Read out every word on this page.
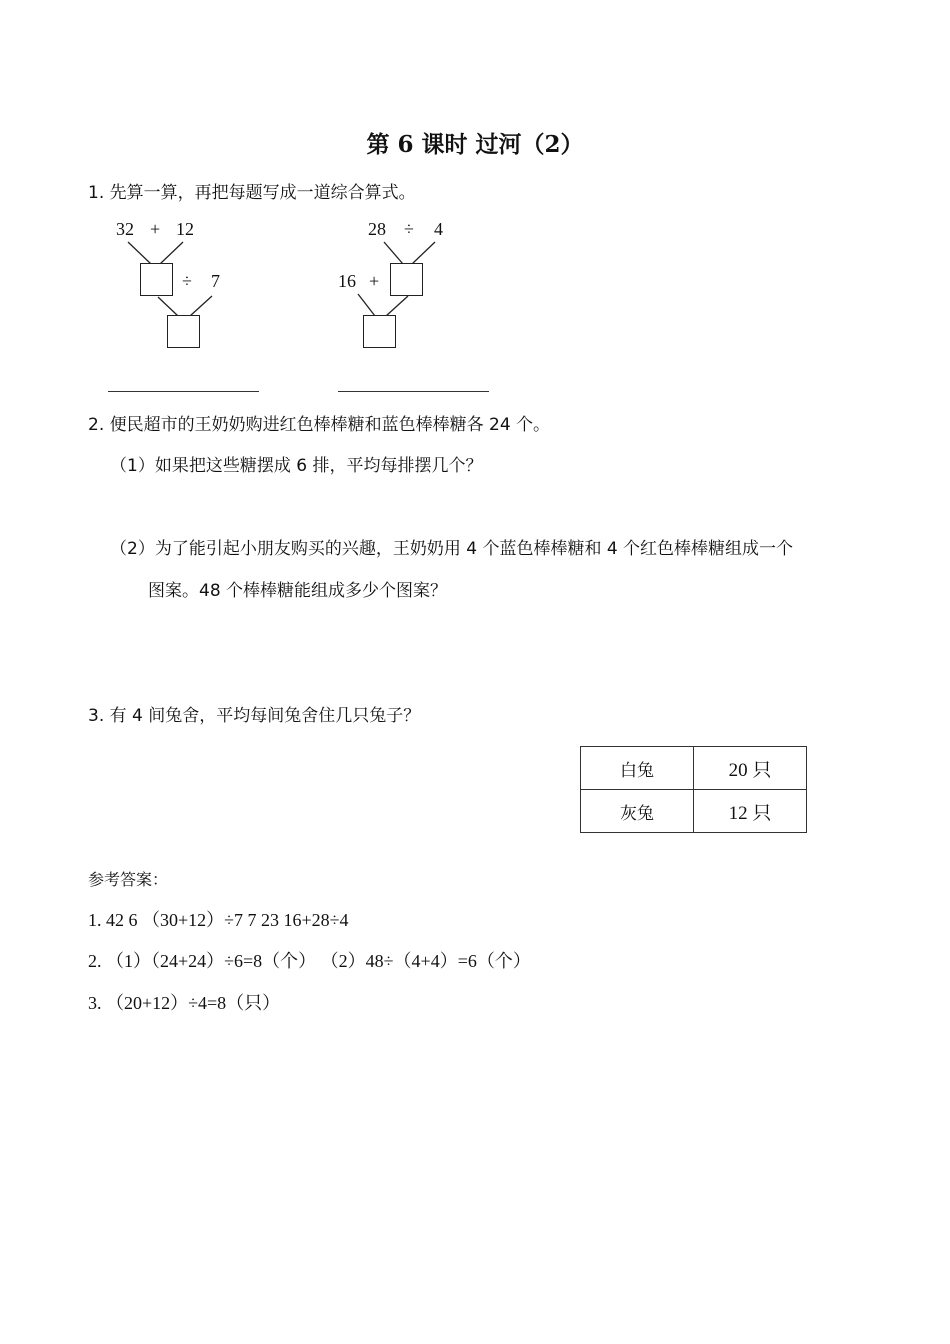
第 6 课时 过河（2）
1. 先算一算，再把每题写成一道综合算式。
32 + 12
÷ 7
28 ÷ 4
16 +
2. 便民超市的王奶奶购进红色棒棒糖和蓝色棒棒糖各 24 个。
（1）如果把这些糖摆成 6 排，平均每排摆几个？
（2）为了能引起小朋友购买的兴趣，王奶奶用 4 个蓝色棒棒糖和 4 个红色棒棒糖组成一个
图案。48 个棒棒糖能组成多少个图案？
3. 有 4 间兔舍，平均每间兔舍住几只兔子？
白兔	20 只
灰兔	12 只
参考答案：
1. 42 6 （30+12）÷7 7 23 16+28÷4
2. （1）（24+24）÷6=8（个） （2）48÷（4+4）=6（个）
3. （20+12）÷4=8（只）
